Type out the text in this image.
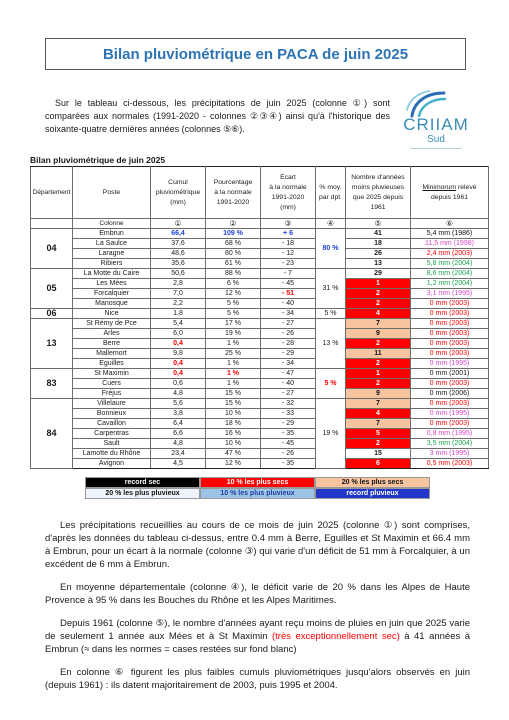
Bilan pluviométrique en PACA de juin 2025

Sur le tableau ci-dessous, les précipitations de juin 2025 (colonne ①) sont comparées aux normales (1991-2020 - colonnes ②③④) ainsi qu'à l'historique des soixante-quatre dernières années (colonnes ⑤⑥).	CRIIAM
Sud
Bilan pluviométrique de juin 2025
Département	Poste	Cumul
pluviométrique
(mm)	Pourcentage
à la normale
1991-2020	Ecart
à la normale
1991-2020
(mm)	% moy.
par dpt.	Nombre d'années
moins pluvieuses
que 2025 depuis
1961	Minimorum relevé
depuis 1961
	Colonne	①	②	③	④	⑤	⑥
04	Embrun	66,4	109 %	+ 6	80 %	41	5,4 mm (1986)
	La Saulce	37,6	68 %	- 18		18	11,5 mm (1998)
	Laragne	48,6	80 %	- 12		26	2,4 mm (2003)
	Ribiers	35,6	61 %	- 23		13	5,8 mm (2004)
05	La Motte du Caire	50,6	88 %	- 7	31 %	29	8,6 mm (2004)
	Les Mées	2,8	6 %	- 45		1	1,2 mm (2004)
	Forcalquier	7,0	12 %	- 51		2	3,1 mm (1995)
	Manosque	2,2	5 %	- 40		2	0 mm (2003)
06	Nice	1,8	5 %	- 34	5 %	4	0 mm (2003)
13	St Rémy de Pce	5,4	17 %	- 27	13 %	7	0 mm (2003)
	Arles	6,0	19 %	- 26		9	0 mm (2003)
	Berre	0,4	1 %	- 28		2	0 mm (2003)
	Mallemort	9,8	25 %	- 29		11	0 mm (2003)
	Eguilles	0,4	1 %	- 34		2	0 mm (1995)
83	St Maximin	0,4	1 %	- 47	5 %	1	0 mm (2001)
	Cuers	0,6	1 %	- 40		2	0 mm (2003)
	Fréjus	4,8	15 %	- 27		9	0 mm (2006)
84	Villelaure	5,6	15 %	- 32	19 %	7	0 mm (2003)
	Bonnieux	3,8	10 %	- 33		4	0 mm (1995)
	Cavaillon	6,4	18 %	- 29		7	0 mm (2003)
	Carpentras	6,6	16 %	- 35		5	0,8 mm (1995)
	Sault	4,8	10 %	- 45		2	3,5 mm (2004)
	Lamotte du Rhône	23,4	47 %	- 26		15	3 mm (1995)
	Avignon	4,5	12 %	- 35		6	0,5 mm (2003)
record sec	10 % les plus secs	20 % les plus secs
20 % les plus pluvieux	10 % les plus pluvieux	record pluvieux

Les précipitations recueillies au cours de ce mois de juin 2025 (colonne ①) sont comprises, d'après les données du tableau ci-dessus, entre 0.4 mm à Berre, Eguilles et St Maximin et 66.4 mm à Embrun, pour un écart à la normale (colonne ③) qui varie d'un déficit de 51 mm à Forcalquier, à un excédent de 6 mm à Embrun.

En moyenne départementale (colonne ④), le déficit varie de 20 % dans les Alpes de Haute Provence à 95 % dans les Bouches du Rhône et les Alpes Maritimes.

Depuis 1961 (colonne ⑤), le nombre d'années ayant reçu moins de pluies en juin que 2025 varie de seulement 1 année aux Mées et à St Maximin (très exceptionnellement sec) à 41 années à Embrun (≈ dans les normes = cases restées sur fond blanc)

En colonne ⑥ figurent les plus faibles cumuls pluviométriques jusqu'alors observés en juin (depuis 1961) : ils datent majoritairement de 2003, puis 1995 et 2004.
